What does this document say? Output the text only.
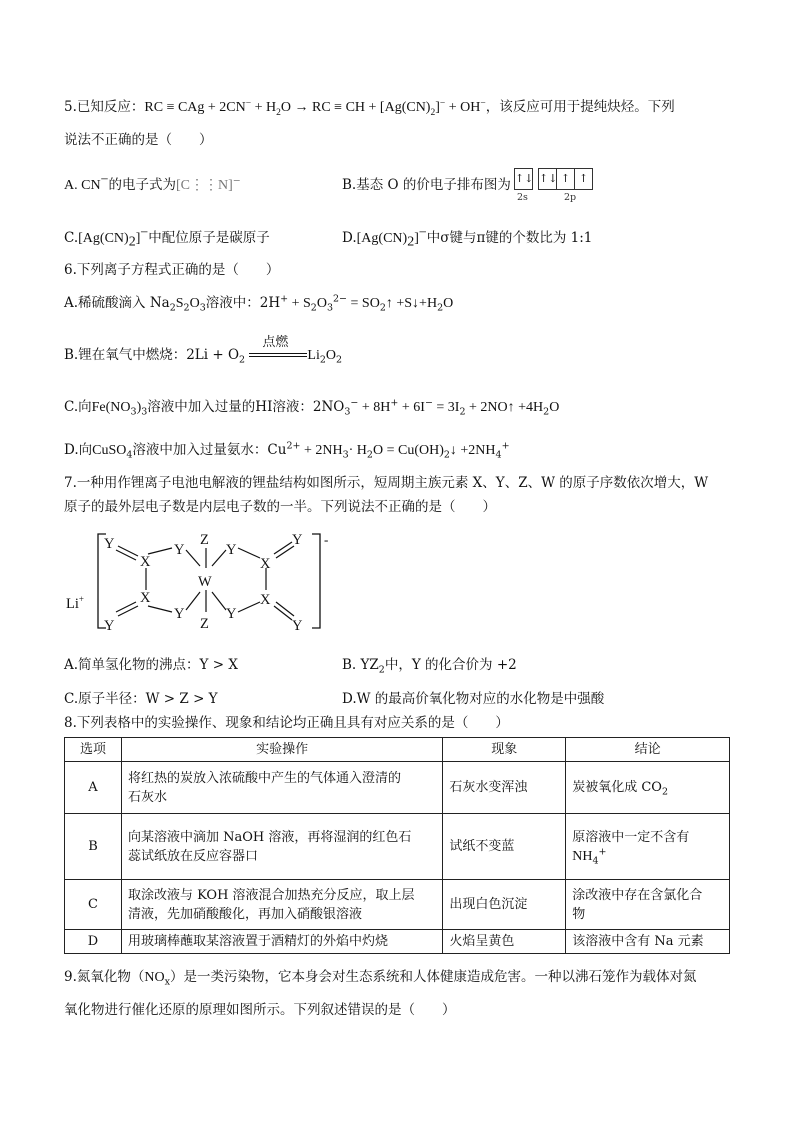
5.已知反应：RC ≡ CAg + $2CN^- + H_2O$ → RC ≡ CH + $[Ag(CN)_2]^- + OH^-$，该反应可用于提纯炔烃。下列
说法不正确的是（　　）
A. CN−的电子式为[C⋮⋮N]−	B.基态 O 的价电子排布图为 ↑↓ ↑↓ ↑ ↑
2s	2p
$C.[Ag(CN)_2]^-$中配位原子是碳原子	$D.[Ag(CN)_2]^-$中σ键与π键的个数比为 1:1
6.下列离子方程式正确的是（　　）
A.稀硫酸滴入 $Na_2S_2O_3$溶液中：$2H^+ + S_2O_3^{2-}$ = $SO_2↑$ $+S↓+H_2O$
B.锂在氧气中燃烧：$2Li + O_2$
点燃
$Li_2O_2$
C.向$Fe(NO_3)_3$溶液中加入过量的HI溶液：$2NO_3^- + 8H^+ + 6I^- = 3I_2$ + 2NO↑ $+4H_2O$
D.向CuSO$_4$溶液中加入过量氨水：$Cu^{2+} + 2NH_3\cdot H_2O$ = $Cu(OH)_2↓ +2NH_4^+$
7.一种用作锂离子电池电解液的锂盐结构如图所示，短周期主族元素 X、Y、Z、W 的原子序数依次增大，W
原子的最外层电子数是内层电子数的一半。下列说法不正确的是（　　）
Li+
-
Y
X
Y
Z
W
Y
X
Y
X
Y
Y
Z
Y
X
Y
A.简单氢化物的沸点：Y > X	B. $YZ_2$中，Y 的化合价为 +2
C.原子半径：W > Z > Y	D.W 的最高价氧化物对应的水化物是中强酸
8.下列表格中的实验操作、现象和结论均正确且具有对应关系的是（　　）
选项	实验操作	现象	结论
A	将红热的炭放入浓硫酸中产生的气体通入澄清的
石灰水	石灰水变浑浊	炭被氧化成 $CO_2$
B	向某溶液中滴加 NaOH 溶液，再将湿润的红色石
蕊试纸放在反应容器口	试纸不变蓝	原溶液中一定不含有
$NH_4^+$
C	取涂改液与 KOH 溶液混合加热充分反应，取上层
清液，先加硝酸酸化，再加入硝酸银溶液	出现白色沉淀	涂改液中存在含氯化合
物
D	用玻璃棒蘸取某溶液置于酒精灯的外焰中灼烧	火焰呈黄色	该溶液中含有 Na 元素
9.氮氧化物$(NO_x)$是一类污染物，它本身会对生态系统和人体健康造成危害。一种以沸石笼作为载体对氮
氧化物进行催化还原的原理如图所示。下列叙述错误的是（　　）
